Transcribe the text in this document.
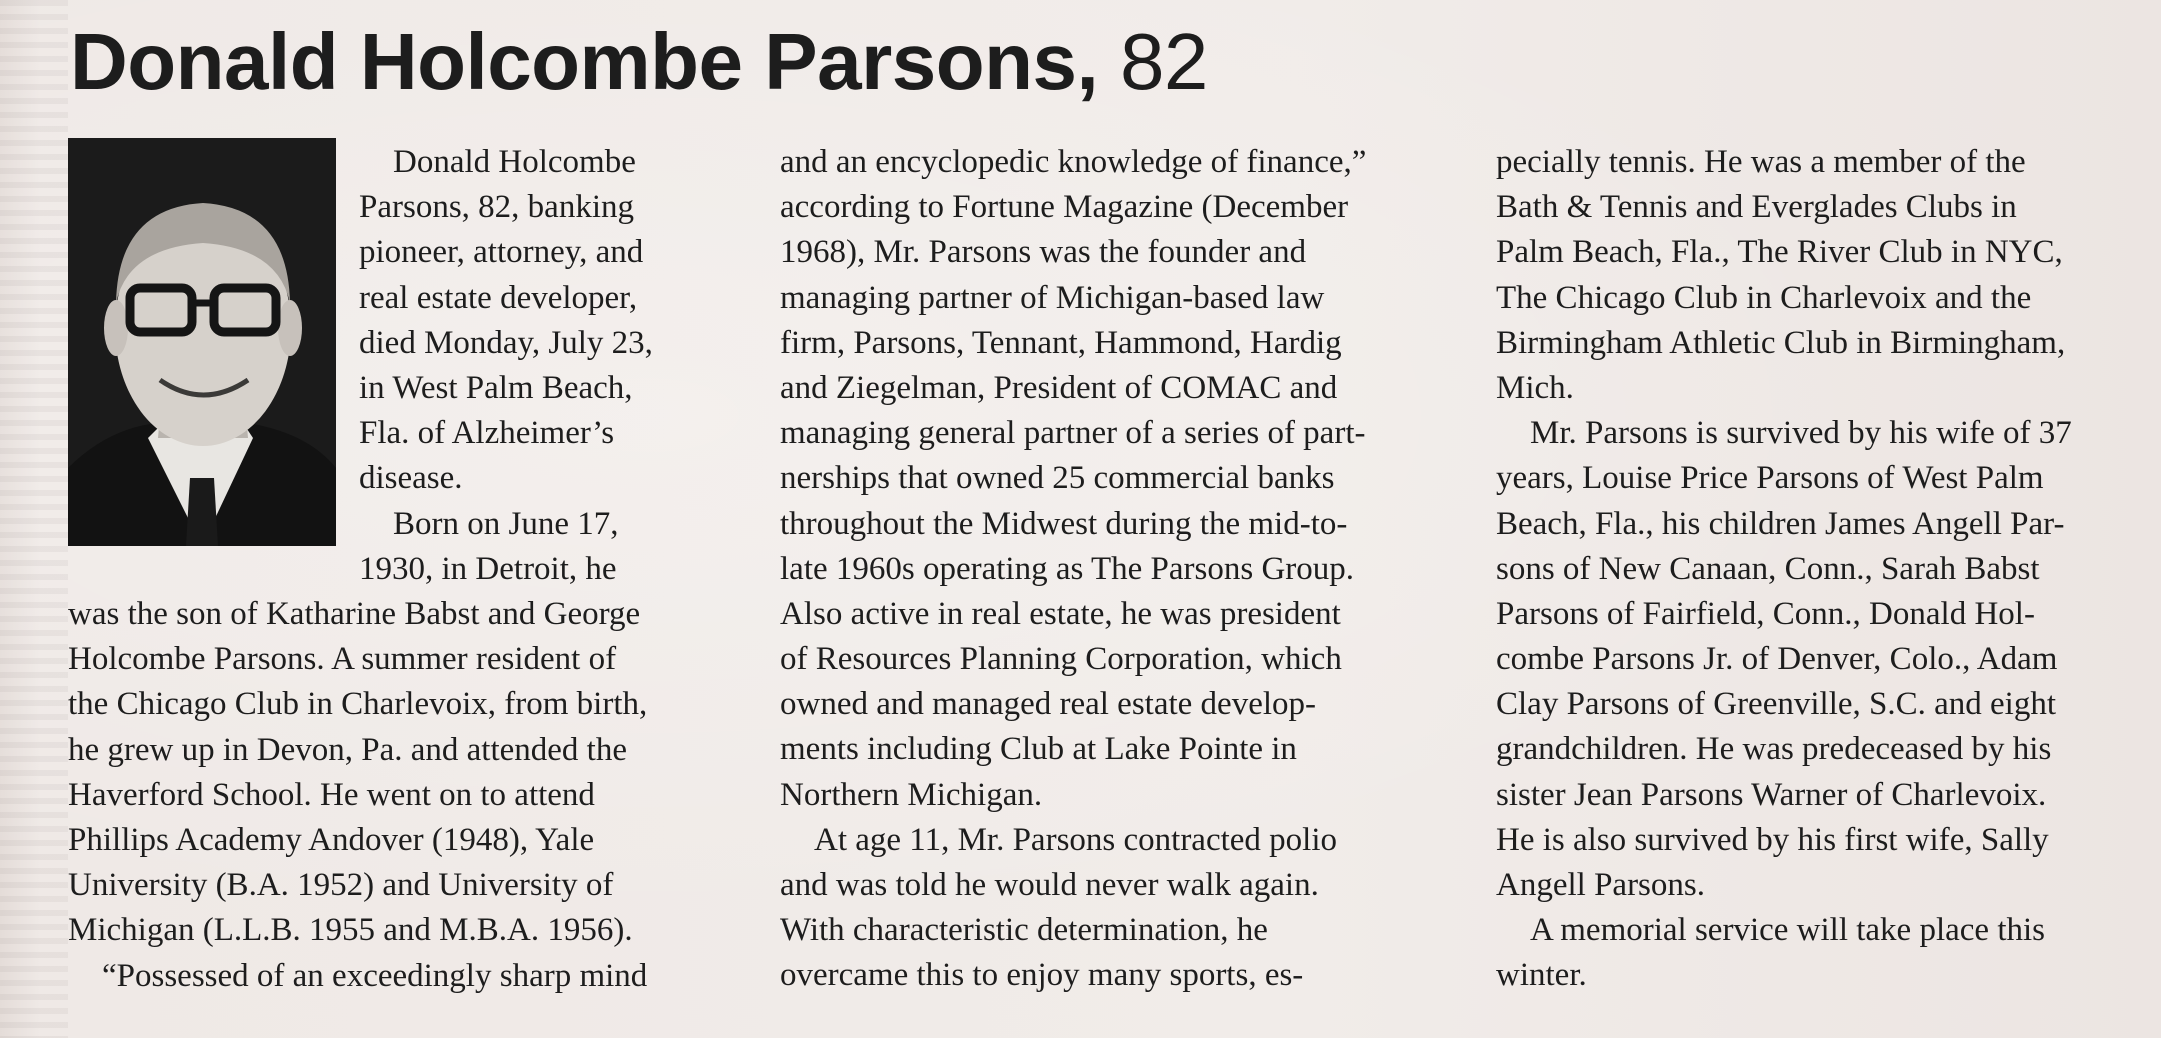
Donald Holcombe Parsons, 82
Donald Holcombe
Parsons, 82, banking
pioneer, attorney, and
real estate developer,
died Monday, July 23,
in West Palm Beach,
Fla. of Alzheimer’s
disease.
Born on June 17,
1930, in Detroit, he
was the son of Katharine Babst and George
Holcombe Parsons. A summer resident of
the Chicago Club in Charlevoix, from birth,
he grew up in Devon, Pa. and attended the
Haverford School. He went on to attend
Phillips Academy Andover (1948), Yale
University (B.A. 1952) and University of
Michigan (L.L.B. 1955 and M.B.A. 1956).
“Possessed of an exceedingly sharp mind
and an encyclopedic knowledge of finance,”
according to Fortune Magazine (December
1968), Mr. Parsons was the founder and
managing partner of Michigan-based law
firm, Parsons, Tennant, Hammond, Hardig
and Ziegelman, President of COMAC and
managing general partner of a series of part-
nerships that owned 25 commercial banks
throughout the Midwest during the mid-to-
late 1960s operating as The Parsons Group.
Also active in real estate, he was president
of Resources Planning Corporation, which
owned and managed real estate develop-
ments including Club at Lake Pointe in
Northern Michigan.
At age 11, Mr. Parsons contracted polio
and was told he would never walk again.
With characteristic determination, he
overcame this to enjoy many sports, es-
pecially tennis. He was a member of the
Bath & Tennis and Everglades Clubs in
Palm Beach, Fla., The River Club in NYC,
The Chicago Club in Charlevoix and the
Birmingham Athletic Club in Birmingham,
Mich.
Mr. Parsons is survived by his wife of 37
years, Louise Price Parsons of West Palm
Beach, Fla., his children James Angell Par-
sons of New Canaan, Conn., Sarah Babst
Parsons of Fairfield, Conn., Donald Hol-
combe Parsons Jr. of Denver, Colo., Adam
Clay Parsons of Greenville, S.C. and eight
grandchildren. He was predeceased by his
sister Jean Parsons Warner of Charlevoix.
He is also survived by his first wife, Sally
Angell Parsons.
A memorial service will take place this
winter.
